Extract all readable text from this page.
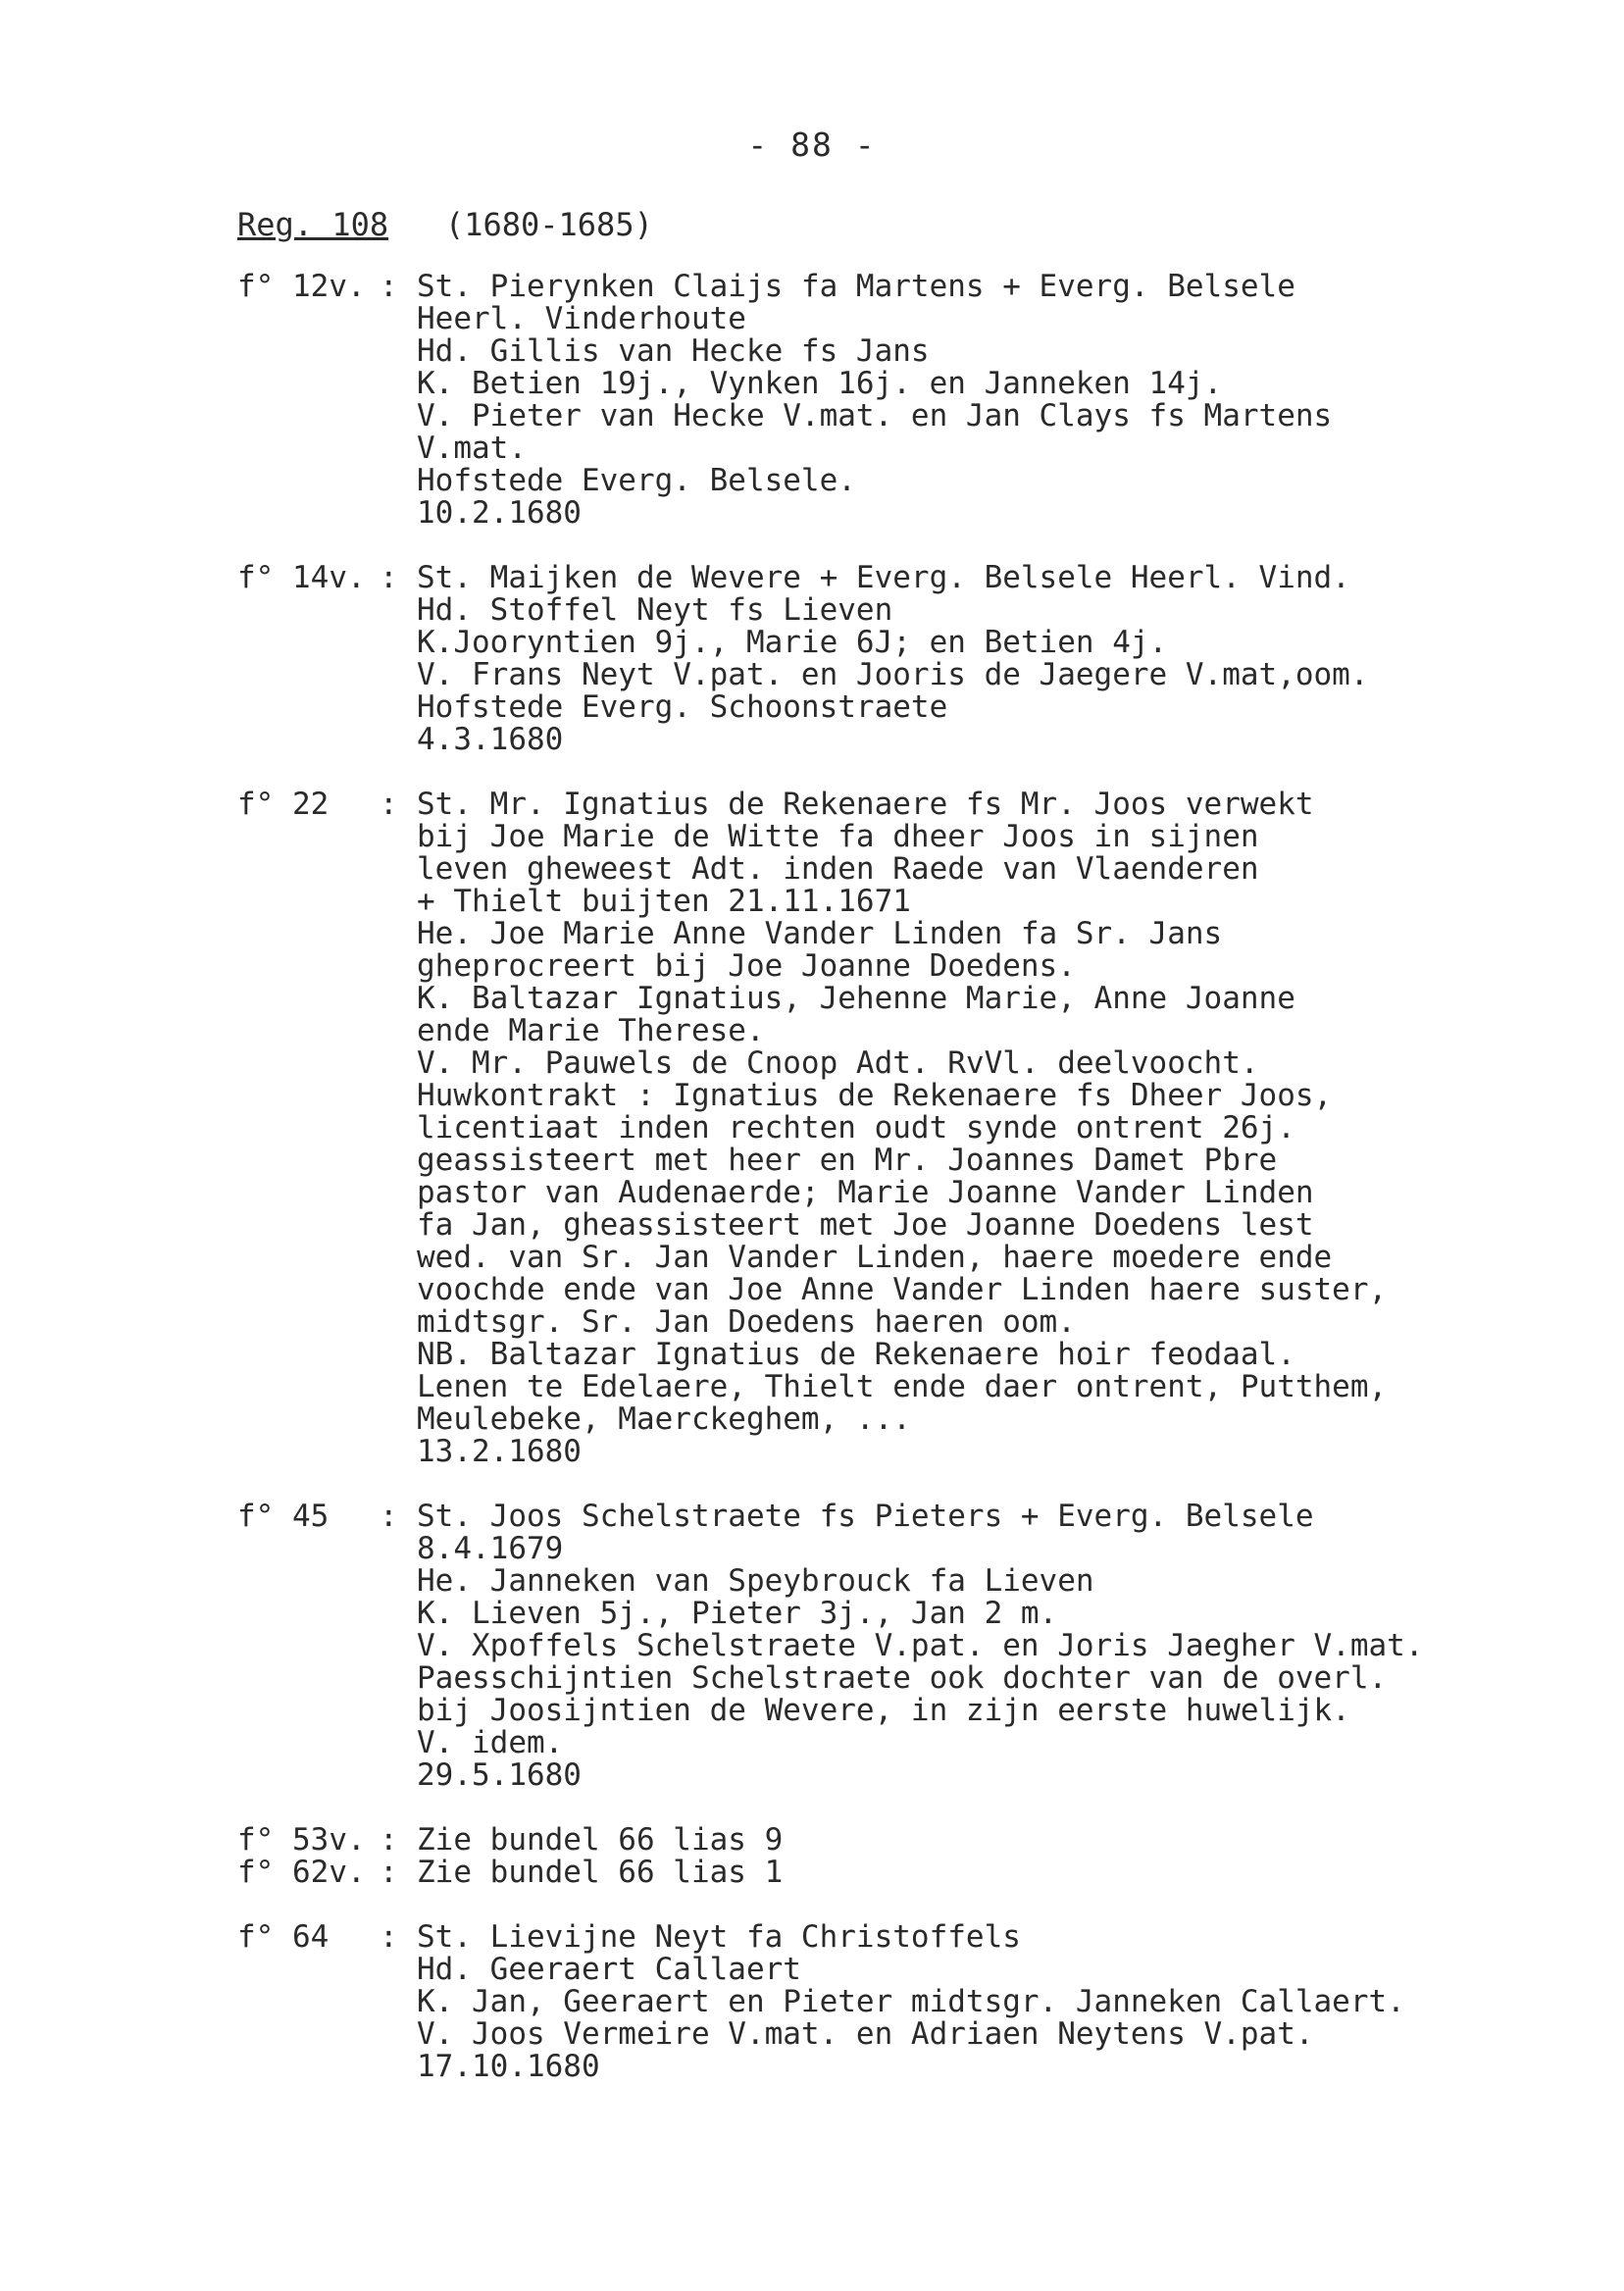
- 88 -
Reg. 108 (1680-1685)
f° 12v. : St. Pierynken Claijs fa Martens + Everg. Belsele
Heerl. Vinderhoute
Hd. Gillis van Hecke fs Jans
K. Betien 19j., Vynken 16j. en Janneken 14j.
V. Pieter van Hecke V.mat. en Jan Clays fs Martens
V.mat.
Hofstede Everg. Belsele.
10.2.1680
f° 14v. : St. Maijken de Wevere + Everg. Belsele Heerl. Vind.
Hd. Stoffel Neyt fs Lieven
K.Jooryntien 9j., Marie 6J; en Betien 4j.
V. Frans Neyt V.pat. en Jooris de Jaegere V.mat,oom.
Hofstede Everg. Schoonstraete
4.3.1680
f° 22	: St. Mr. Ignatius de Rekenaere fs Mr. Joos verwekt
bij Joe Marie de Witte fa dheer Joos in sijnen
leven gheweest Adt. inden Raede van Vlaenderen
+ Thielt buijten 21.11.1671
He. Joe Marie Anne Vander Linden fa Sr. Jans
gheprocreert bij Joe Joanne Doedens.
K. Baltazar Ignatius, Jehenne Marie, Anne Joanne
ende Marie Therese.
V. Mr. Pauwels de Cnoop Adt. RvVl. deelvoocht.
Huwkontrakt : Ignatius de Rekenaere fs Dheer Joos,
licentiaat inden rechten oudt synde ontrent 26j.
geassisteert met heer en Mr. Joannes Damet Pbre
pastor van Audenaerde; Marie Joanne Vander Linden
fa Jan, gheassisteert met Joe Joanne Doedens lest
wed. van Sr. Jan Vander Linden, haere moedere ende
voochde ende van Joe Anne Vander Linden haere suster,
midtsgr. Sr. Jan Doedens haeren oom.
NB. Baltazar Ignatius de Rekenaere hoir feodaal.
Lenen te Edelaere, Thielt ende daer ontrent, Putthem,
Meulebeke, Maerckeghem, ...
13.2.1680
f° 45	: St. Joos Schelstraete fs Pieters + Everg. Belsele
8.4.1679
He. Janneken van Speybrouck fa Lieven
K. Lieven 5j., Pieter 3j., Jan 2 m.
V. Xpoffels Schelstraete V.pat. en Joris Jaegher V.mat.
Paesschijntien Schelstraete ook dochter van de overl.
bij Joosijntien de Wevere, in zijn eerste huwelijk.
V. idem.
29.5.1680
f° 53v. : Zie bundel 66 lias 9
f° 62v. : Zie bundel 66 lias 1
f° 64	: St. Lievijne Neyt fa Christoffels
Hd. Geeraert Callaert
K. Jan, Geeraert en Pieter midtsgr. Janneken Callaert.
V. Joos Vermeire V.mat. en Adriaen Neytens V.pat.
17.10.1680
